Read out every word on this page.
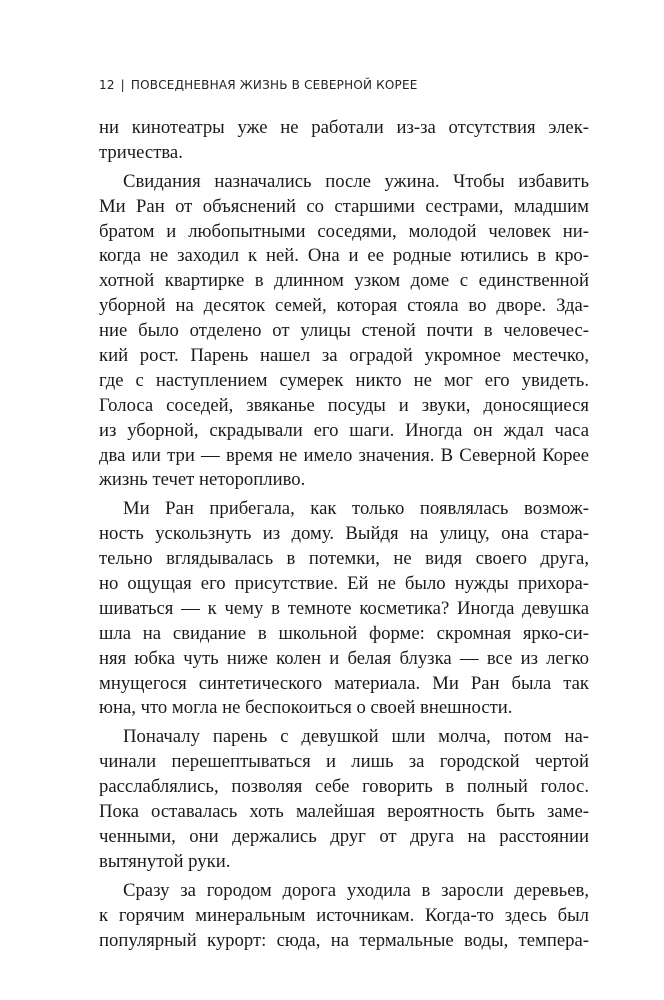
12 | ПОВСЕДНЕВНАЯ ЖИЗНЬ В СЕВЕРНОЙ КОРЕЕ
ни кинотеатры уже не работали из-за отсутствия элек-
тричества.
Свидания назначались после ужина. Чтобы избавить
Ми Ран от объяснений со старшими сестрами, младшим
братом и любопытными соседями, молодой человек ни-
когда не заходил к ней. Она и ее родные ютились в кро-
хотной квартирке в длинном узком доме с единственной
уборной на десяток семей, которая стояла во дворе. Зда-
ние было отделено от улицы стеной почти в человечес-
кий рост. Парень нашел за оградой укромное местечко,
где с наступлением сумерек никто не мог его увидеть.
Голоса соседей, звяканье посуды и звуки, доносящиеся
из уборной, скрадывали его шаги. Иногда он ждал часа
два или три — время не имело значения. В Северной Корее
жизнь течет неторопливо.
Ми Ран прибегала, как только появлялась возмож-
ность ускользнуть из дому. Выйдя на улицу, она стара-
тельно вглядывалась в потемки, не видя своего друга,
но ощущая его присутствие. Ей не было нужды прихора-
шиваться — к чему в темноте косметика? Иногда девушка
шла на свидание в школьной форме: скромная ярко-си-
няя юбка чуть ниже колен и белая блузка — все из легко
мнущегося синтетического материала. Ми Ран была так
юна, что могла не беспокоиться о своей внешности.
Поначалу парень с девушкой шли молча, потом на-
чинали перешептываться и лишь за городской чертой
расслаблялись, позволяя себе говорить в полный голос.
Пока оставалась хоть малейшая вероятность быть заме-
ченными, они держались друг от друга на расстоянии
вытянутой руки.
Сразу за городом дорога уходила в заросли деревьев,
к горячим минеральным источникам. Когда-то здесь был
популярный курорт: сюда, на термальные воды, темпера-
